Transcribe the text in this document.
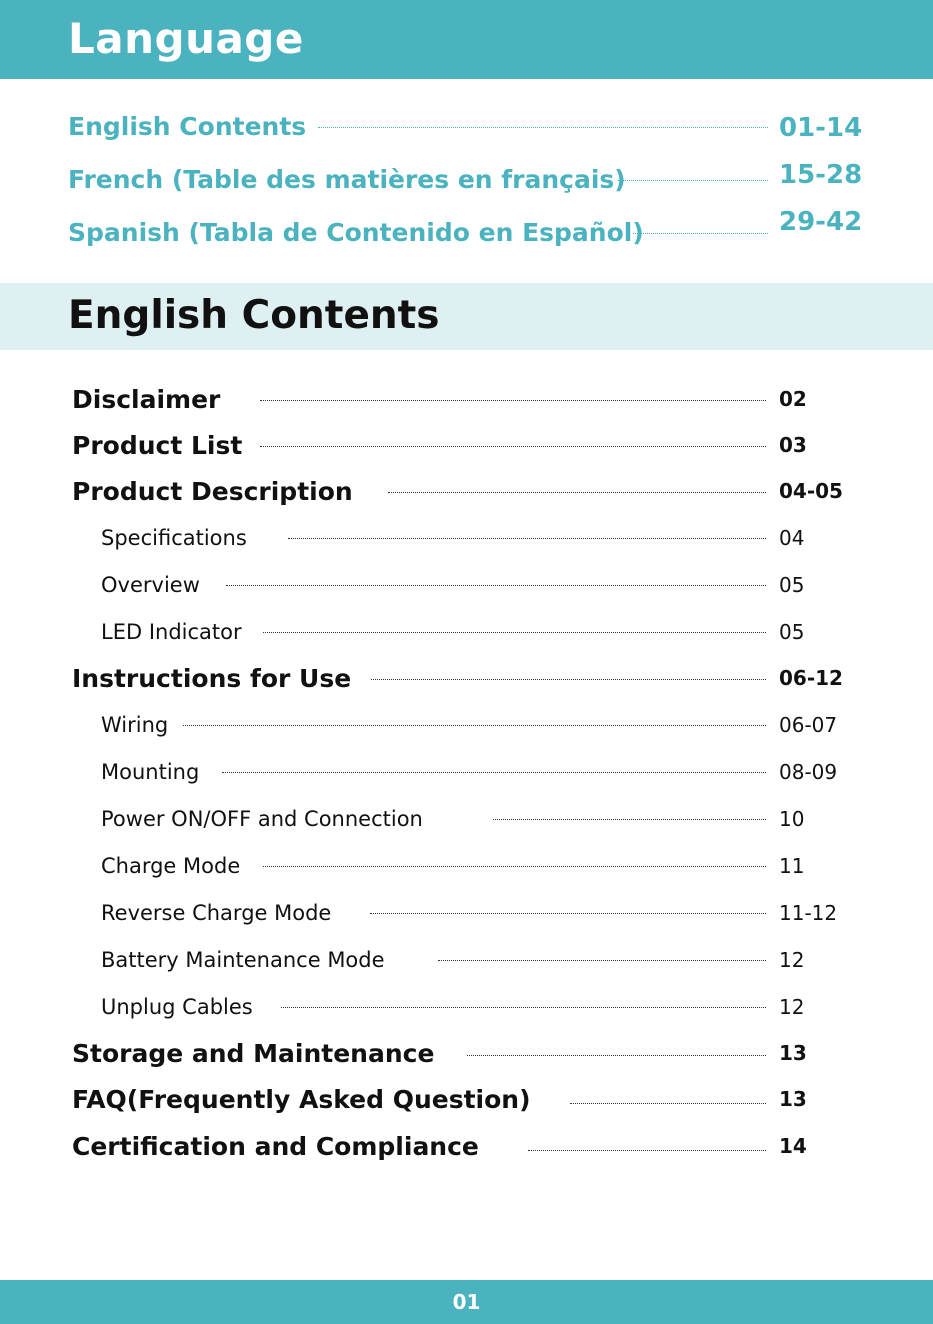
Language
English Contents	01-14
French (Table des matières en français)	15-28
Spanish (Tabla de Contenido en Español)	29-42
English Contents
Disclaimer	02
Product List	03
Product Description	04-05
Specifications	04
Overview	05
LED Indicator	05
Instructions for Use	06-12
Wiring	06-07
Mounting	08-09
Power ON/OFF and Connection	10
Charge Mode	11
Reverse Charge Mode	11-12
Battery Maintenance Mode	12
Unplug Cables	12
Storage and Maintenance	13
FAQ(Frequently Asked Question)	13
Certification and Compliance	14
01
